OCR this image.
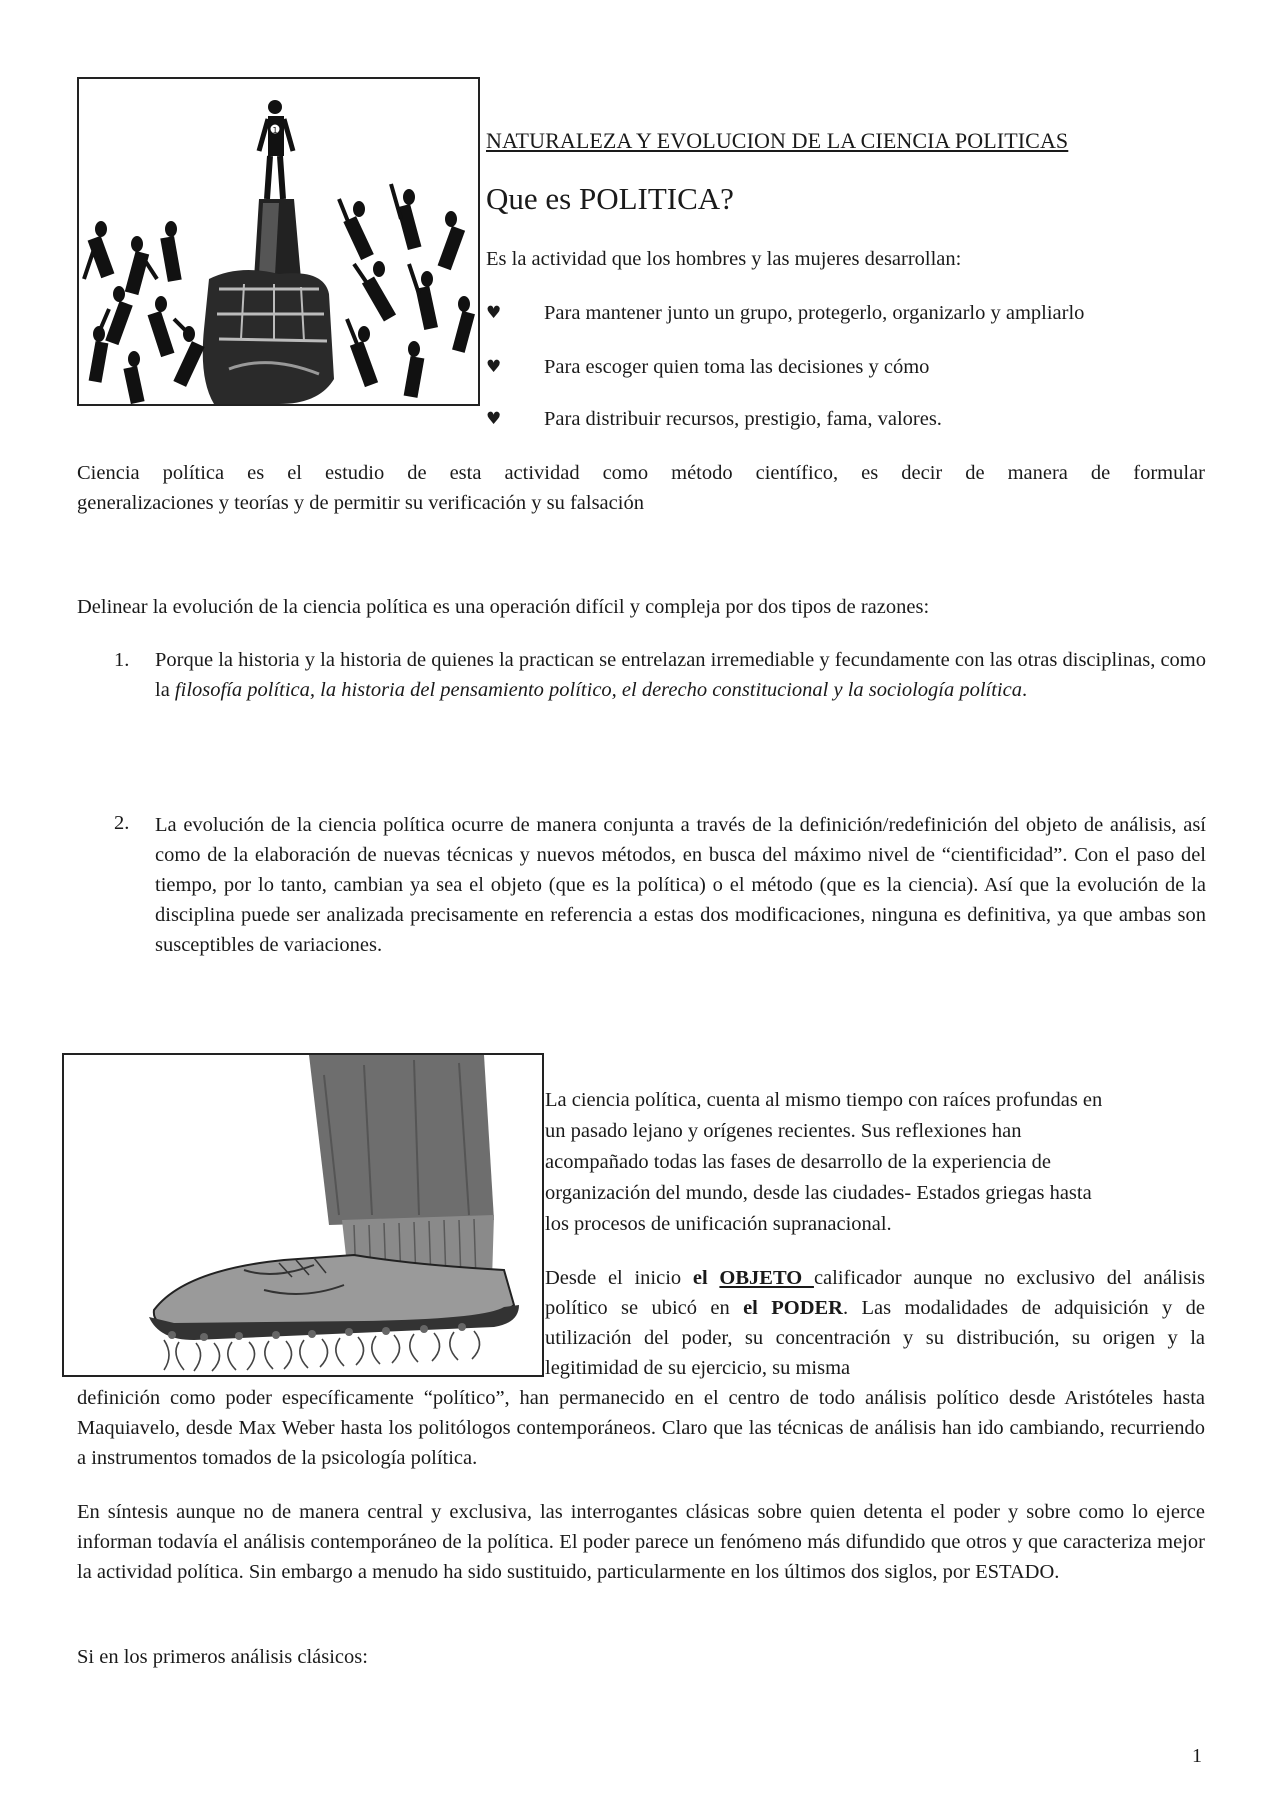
1	NATURALEZA Y EVOLUCION DE LA CIENCIA POLITICAS
Que es POLITICA?
Es la actividad que los hombres y las mujeres desarrollan:
♥ Para mantener junto un grupo, protegerlo, organizarlo y ampliarlo
♥ Para escoger quien toma las decisiones y cómo
♥ Para distribuir recursos, prestigio, fama, valores.
Ciencia política es el estudio de esta actividad como método científico, es decir de manera de formular
generalizaciones y teorías y de permitir su verificación y su falsación
Delinear la evolución de la ciencia política es una operación difícil y compleja por dos tipos de razones:
1. Porque la historia y la historia de quienes la practican se entrelazan irremediable y fecundamente con las otras disciplinas, como la filosofía política, la historia del pensamiento político, el derecho constitucional y la sociología política.
2. La evolución de la ciencia política ocurre de manera conjunta a través de la definición/redefinición del objeto de análisis, así como de la elaboración de nuevas técnicas y nuevos métodos, en busca del máximo nivel de “cientificidad”. Con el paso del tiempo, por lo tanto, cambian ya sea el objeto (que es la política) o el método (que es la ciencia). Así que la evolución de la disciplina puede ser analizada precisamente en referencia a estas dos modificaciones, ninguna es definitiva, ya que ambas son susceptibles de variaciones.
La ciencia política, cuenta al mismo tiempo con raíces profundas en
un pasado lejano y orígenes recientes. Sus reflexiones han
acompañado todas las fases de desarrollo de la experiencia de
organización del mundo, desde las ciudades- Estados griegas hasta
los procesos de unificación supranacional.
Desde el inicio el OBJETO calificador aunque no exclusivo del análisis político se ubicó en el PODER. Las modalidades de adquisición y de utilización del poder, su concentración y su distribución, su origen y la legitimidad de su ejercicio, su misma
definición como poder específicamente “político”, han permanecido en el centro de todo análisis político desde Aristóteles hasta Maquiavelo, desde Max Weber hasta los politólogos contemporáneos. Claro que las técnicas de análisis han ido cambiando, recurriendo a instrumentos tomados de la psicología política.
En síntesis aunque no de manera central y exclusiva, las interrogantes clásicas sobre quien detenta el poder y sobre como lo ejerce informan todavía el análisis contemporáneo de la política. El poder parece un fenómeno más difundido que otros y que caracteriza mejor la actividad política. Sin embargo a menudo ha sido sustituido, particularmente en los últimos dos siglos, por ESTADO.
Si en los primeros análisis clásicos:
1
